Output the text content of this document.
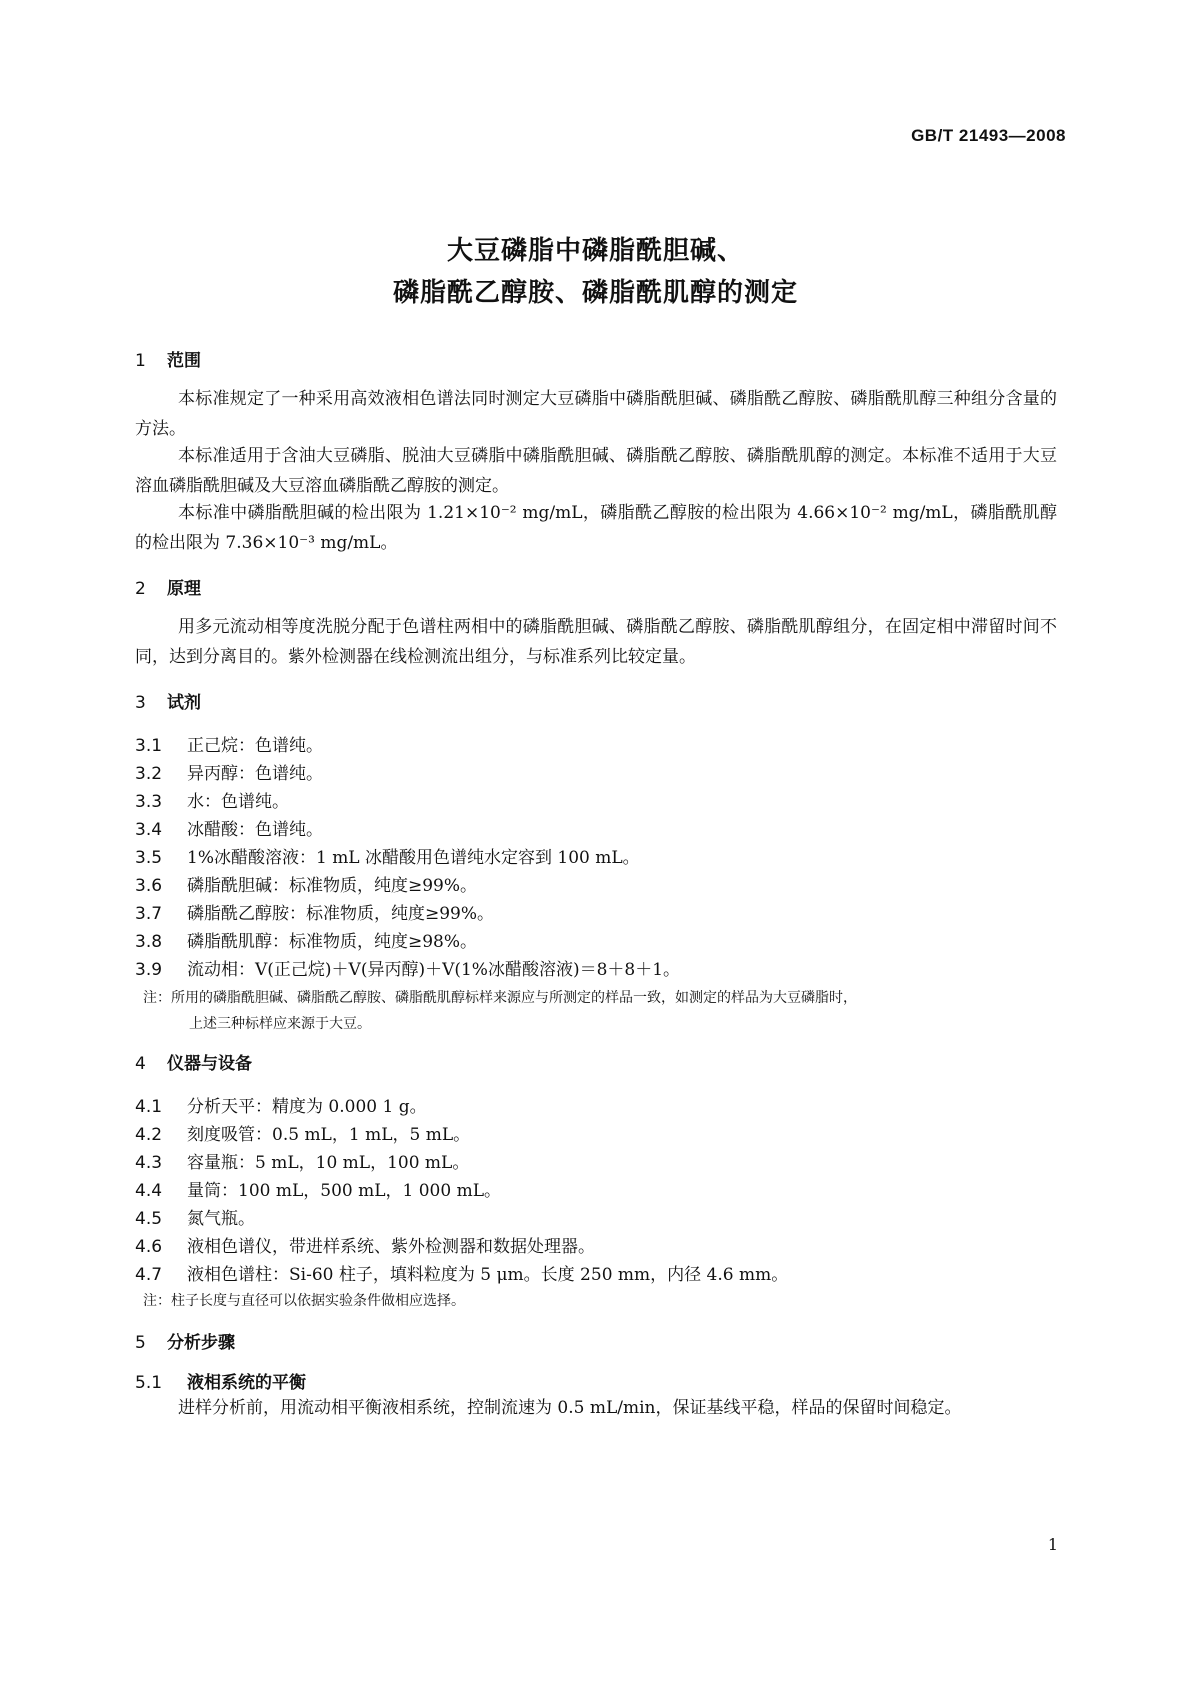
GB/T 21493—2008
大豆磷脂中磷脂酰胆碱、
磷脂酰乙醇胺、磷脂酰肌醇的测定
1 范围
本标准规定了一种采用高效液相色谱法同时测定大豆磷脂中磷脂酰胆碱、磷脂酰乙醇胺、磷脂酰肌醇三种组分含量的方法。
本标准适用于含油大豆磷脂、脱油大豆磷脂中磷脂酰胆碱、磷脂酰乙醇胺、磷脂酰肌醇的测定。本标准不适用于大豆溶血磷脂酰胆碱及大豆溶血磷脂酰乙醇胺的测定。
本标准中磷脂酰胆碱的检出限为 1.21×10⁻² mg/mL，磷脂酰乙醇胺的检出限为 4.66×10⁻² mg/mL，磷脂酰肌醇的检出限为 7.36×10⁻³ mg/mL。
2 原理
用多元流动相等度洗脱分配于色谱柱两相中的磷脂酰胆碱、磷脂酰乙醇胺、磷脂酰肌醇组分，在固定相中滞留时间不同，达到分离目的。紫外检测器在线检测流出组分，与标准系列比较定量。
3 试剂
3.1 正己烷：色谱纯。
3.2 异丙醇：色谱纯。
3.3 水：色谱纯。
3.4 冰醋酸：色谱纯。
3.5 1%冰醋酸溶液：1 mL 冰醋酸用色谱纯水定容到 100 mL。
3.6 磷脂酰胆碱：标准物质，纯度≥99%。
3.7 磷脂酰乙醇胺：标准物质，纯度≥99%。
3.8 磷脂酰肌醇：标准物质，纯度≥98%。
3.9 流动相：V(正己烷)＋V(异丙醇)＋V(1%冰醋酸溶液)＝8＋8＋1。
注：所用的磷脂酰胆碱、磷脂酰乙醇胺、磷脂酰肌醇标样来源应与所测定的样品一致，如测定的样品为大豆磷脂时，
上述三种标样应来源于大豆。
4 仪器与设备
4.1 分析天平：精度为 0.000 1 g。
4.2 刻度吸管：0.5 mL，1 mL，5 mL。
4.3 容量瓶：5 mL，10 mL，100 mL。
4.4 量筒：100 mL，500 mL，1 000 mL。
4.5 氮气瓶。
4.6 液相色谱仪，带进样系统、紫外检测器和数据处理器。
4.7 液相色谱柱：Si-60 柱子，填料粒度为 5 μm。长度 250 mm，内径 4.6 mm。
注：柱子长度与直径可以依据实验条件做相应选择。
5 分析步骤
5.1 液相系统的平衡
进样分析前，用流动相平衡液相系统，控制流速为 0.5 mL/min，保证基线平稳，样品的保留时间稳定。
1
